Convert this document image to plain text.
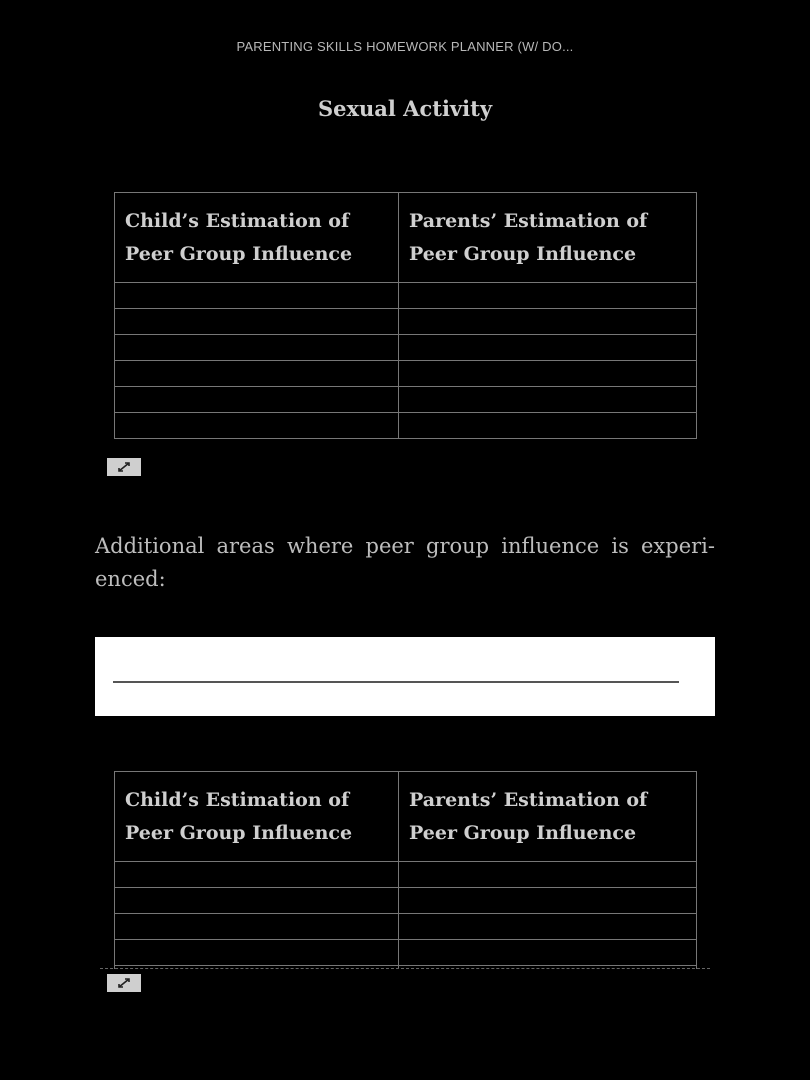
PARENTING SKILLS HOMEWORK PLANNER (W/ DO...
Sexual Activity
Child’s Estimation of Peer Group Influence	Parents’ Estimation of Peer Group Influence

Additional areas where peer group influence is experi-enced:
Child’s Estimation of Peer Group Influence	Parents’ Estimation of Peer Group Influence
